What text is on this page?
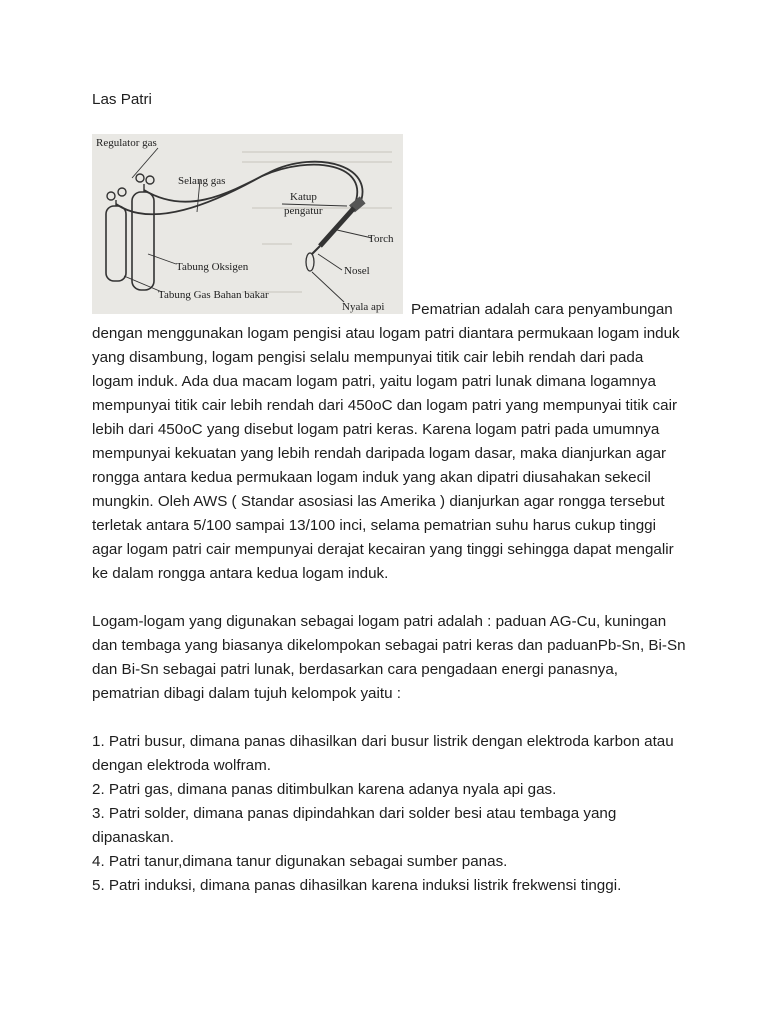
Las Patri
Regulator gas
Selang gas
Katup
pengatur
Torch
Tabung Oksigen	Nosel
Tabung Gas Bahan bakar
Nyala api	Pematrian adalah cara penyambungan dengan menggunakan logam pengisi atau logam patri diantara permukaan logam induk yang disambung, logam pengisi selalu mempunyai titik cair lebih rendah dari pada logam induk. Ada dua macam logam patri, yaitu logam patri lunak dimana logamnya mempunyai titik cair lebih rendah dari 450oC dan logam patri yang mempunyai titik cair lebih dari 450oC yang disebut logam patri keras. Karena logam patri pada umumnya mempunyai kekuatan yang lebih rendah daripada logam dasar, maka dianjurkan agar rongga antara kedua permukaan logam induk yang akan dipatri diusahakan sekecil mungkin. Oleh AWS ( Standar asosiasi las Amerika ) dianjurkan agar rongga tersebut terletak antara 5/100 sampai 13/100 inci, selama pematrian suhu harus cukup tinggi agar logam patri cair mempunyai derajat kecairan yang tinggi sehingga dapat mengalir ke dalam rongga antara kedua logam induk.

Logam-logam yang digunakan sebagai logam patri adalah : paduan AG-Cu, kuningan dan tembaga yang biasanya dikelompokan sebagai patri keras dan paduanPb-Sn, Bi-Sn dan Bi-Sn sebagai patri lunak, berdasarkan cara pengadaan energi panasnya, pematrian dibagi dalam tujuh kelompok yaitu :

1. Patri busur, dimana panas dihasilkan dari busur listrik dengan elektroda karbon atau dengan elektroda wolfram.
2. Patri gas, dimana panas ditimbulkan karena adanya nyala api gas.
3. Patri solder, dimana panas dipindahkan dari solder besi atau tembaga yang dipanaskan.
4. Patri tanur,dimana tanur digunakan sebagai sumber panas.
5. Patri induksi, dimana panas dihasilkan karena induksi listrik frekwensi tinggi.
